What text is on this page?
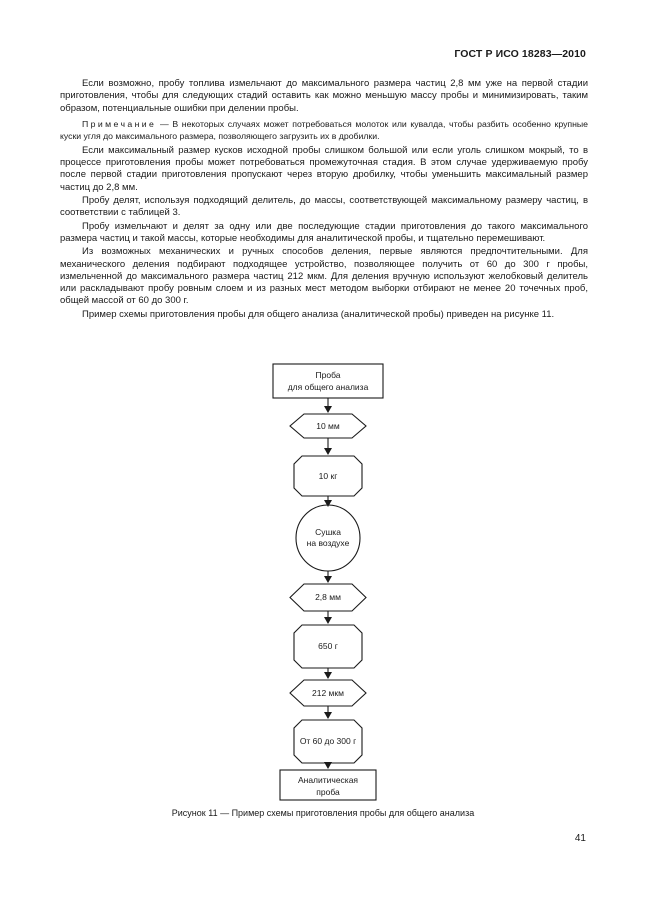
ГОСТ Р ИСО 18283—2010

Если возможно, пробу топлива измельчают до максимального размера частиц 2,8 мм уже на первой стадии приготовления, чтобы для следующих стадий оставить как можно меньшую массу пробы и минимизировать, таким образом, потенциальные ошибки при делении пробы.

Примечание — В некоторых случаях может потребоваться молоток или кувалда, чтобы разбить особенно крупные куски угля до максимального размера, позволяющего загрузить их в дробилки.

Если максимальный размер кусков исходной пробы слишком большой или если уголь слишком мокрый, то в процессе приготовления пробы может потребоваться промежуточная стадия. В этом случае удерживаемую пробу после первой стадии приготовления пропускают через вторую дробилку, чтобы уменьшить максимальный размер частиц до 2,8 мм.

Пробу делят, используя подходящий делитель, до массы, соответствующей максимальному размеру частиц, в соответствии с таблицей 3.

Пробу измельчают и делят за одну или две последующие стадии приготовления до такого максимального размера частиц и такой массы, которые необходимы для аналитической пробы, и тщательно перемешивают.

Из возможных механических и ручных способов деления, первые являются предпочтительными. Для механического деления подбирают подходящее устройство, позволяющее получить от 60 до 300 г пробы, измельченной до максимального размера частиц 212 мкм. Для деления вручную используют желобковый делитель или раскладывают пробу ровным слоем и из разных мест методом выборки отбирают не менее 20 точечных проб, общей массой от 60 до 300 г.

Пример схемы приготовления пробы для общего анализа (аналитической пробы) приведен на рисунке 11.

Проба
для общего анализа
10 мм
10 кг
Сушка
на воздухе
2,8 мм
650 г
212 мкм
От 60 до 300 г
Аналитическая
проба
Рисунок 11 — Пример схемы приготовления пробы для общего анализа
41
